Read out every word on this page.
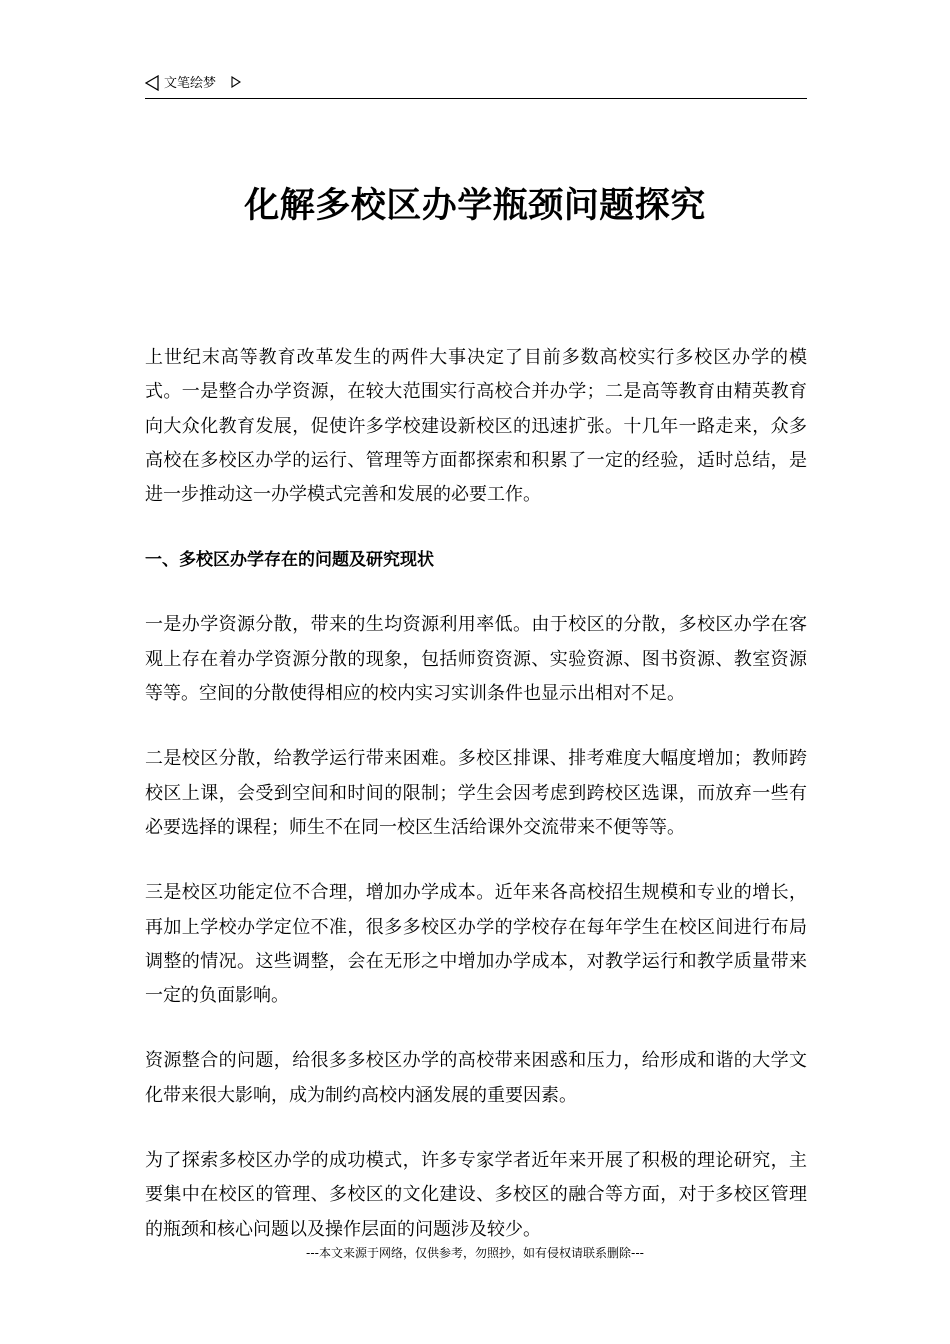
文笔绘梦
化解多校区办学瓶颈问题探究

上世纪末高等教育改革发生的两件大事决定了目前多数高校实行多校区办学的模式。一是整合办学资源，在较大范围实行高校合并办学；二是高等教育由精英教育向大众化教育发展，促使许多学校建设新校区的迅速扩张。十几年一路走来，众多高校在多校区办学的运行、管理等方面都探索和积累了一定的经验，适时总结，是进一步推动这一办学模式完善和发展的必要工作。

一、多校区办学存在的问题及研究现状

一是办学资源分散，带来的生均资源利用率低。由于校区的分散，多校区办学在客观上存在着办学资源分散的现象，包括师资资源、实验资源、图书资源、教室资源等等。空间的分散使得相应的校内实习实训条件也显示出相对不足。

二是校区分散，给教学运行带来困难。多校区排课、排考难度大幅度增加；教师跨校区上课，会受到空间和时间的限制；学生会因考虑到跨校区选课，而放弃一些有必要选择的课程；师生不在同一校区生活给课外交流带来不便等等。

三是校区功能定位不合理，增加办学成本。近年来各高校招生规模和专业的增长，再加上学校办学定位不准，很多多校区办学的学校存在每年学生在校区间进行布局调整的情况。这些调整，会在无形之中增加办学成本，对教学运行和教学质量带来一定的负面影响。

资源整合的问题，给很多多校区办学的高校带来困惑和压力，给形成和谐的大学文化带来很大影响，成为制约高校内涵发展的重要因素。

为了探索多校区办学的成功模式，许多专家学者近年来开展了积极的理论研究，主要集中在校区的管理、多校区的文化建设、多校区的融合等方面，对于多校区管理的瓶颈和核心问题以及操作层面的问题涉及较少。

---本文来源于网络，仅供参考，勿照抄，如有侵权请联系删除---
